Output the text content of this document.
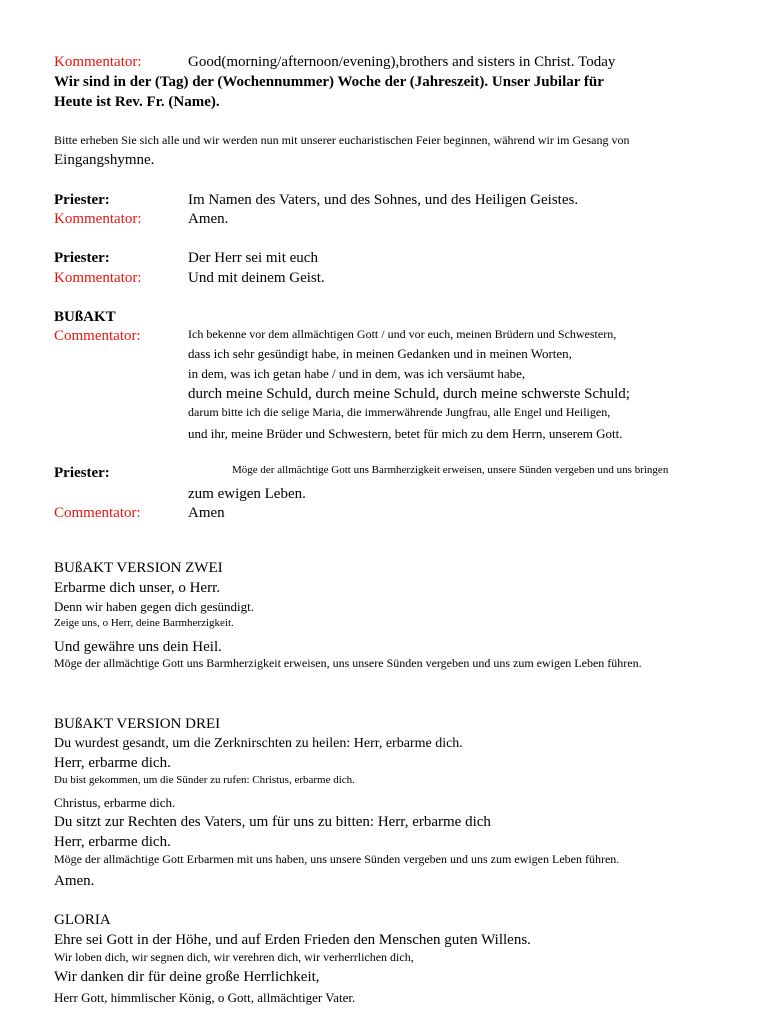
Kommentator:	Good(morning/afternoon/evening),brothers and sisters in Christ. Today
Wir sind in der (Tag) der (Wochennummer) Woche der (Jahreszeit). Unser Jubilar für
Heute ist Rev. Fr. (Name).
Bitte erheben Sie sich alle und wir werden nun mit unserer eucharistischen Feier beginnen, während wir im Gesang von
Eingangshymne.
Priester:	Im Namen des Vaters, und des Sohnes, und des Heiligen Geistes.
Kommentator:	Amen.
Priester:	Der Herr sei mit euch
Kommentator:	Und mit deinem Geist.
BUßAKT
Commentator:	Ich bekenne vor dem allmächtigen Gott / und vor euch, meinen Brüdern und Schwestern,
dass ich sehr gesündigt habe, in meinen Gedanken und in meinen Worten,
in dem, was ich getan habe / und in dem, was ich versäumt habe,
durch meine Schuld, durch meine Schuld, durch meine schwerste Schuld;
darum bitte ich die selige Maria, die immerwährende Jungfrau, alle Engel und Heiligen,
und ihr, meine Brüder und Schwestern, betet für mich zu dem Herrn, unserem Gott.
Priester:	Möge der allmächtige Gott uns Barmherzigkeit erweisen, unsere Sünden vergeben und uns bringen
zum ewigen Leben.
Commentator:	Amen
BUßAKT VERSION ZWEI
Erbarme dich unser, o Herr.
Denn wir haben gegen dich gesündigt.
Zeige uns, o Herr, deine Barmherzigkeit.
Und gewähre uns dein Heil.
Möge der allmächtige Gott uns Barmherzigkeit erweisen, uns unsere Sünden vergeben und uns zum ewigen Leben führen.
BUßAKT VERSION DREI
Du wurdest gesandt, um die Zerknirschten zu heilen: Herr, erbarme dich.
Herr, erbarme dich.
Du bist gekommen, um die Sünder zu rufen: Christus, erbarme dich.
Christus, erbarme dich.
Du sitzt zur Rechten des Vaters, um für uns zu bitten: Herr, erbarme dich
Herr, erbarme dich.
Möge der allmächtige Gott Erbarmen mit uns haben, uns unsere Sünden vergeben und uns zum ewigen Leben führen.
Amen.
GLORIA
Ehre sei Gott in der Höhe, und auf Erden Frieden den Menschen guten Willens.
Wir loben dich, wir segnen dich, wir verehren dich, wir verherrlichen dich,
Wir danken dir für deine große Herrlichkeit,
Herr Gott, himmlischer König, o Gott, allmächtiger Vater.
